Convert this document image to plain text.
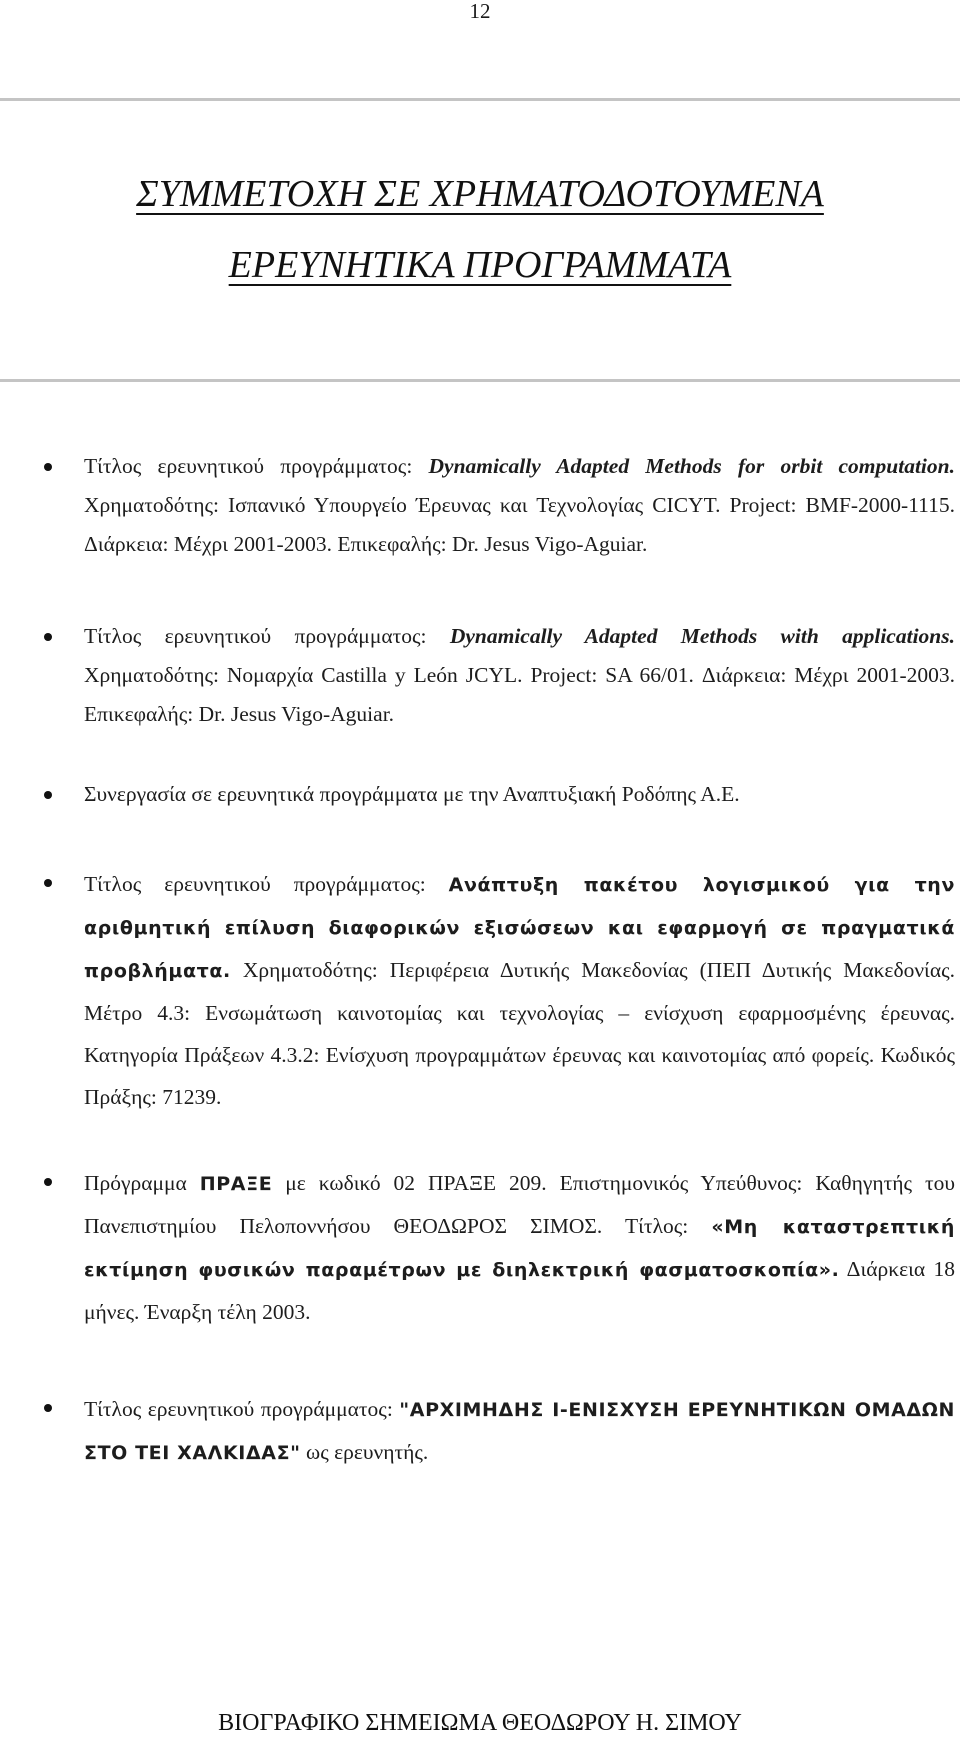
12
ΣΥΜΜΕΤΟΧΗ ΣΕ ΧΡΗΜΑΤΟΔΟΤΟΥΜΕΝΑ
ΕΡΕΥΝΗΤΙΚΑ ΠΡΟΓΡΑΜΜΑΤΑ
Τίτλος ερευνητικού προγράμματος: Dynamically Adapted Methods for orbit computation. Χρηματοδότης: Ισπανικό Υπουργείο Έρευνας και Τεχνολογίας CICYT. Project: BMF-2000-1115. Διάρκεια: Μέχρι 2001-2003. Επικεφαλής: Dr. Jesus Vigo-Aguiar.
Τίτλος ερευνητικού προγράμματος: Dynamically Adapted Methods with applications. Χρηματοδότης: Νομαρχία Castilla y León JCYL. Project: SA 66/01. Διάρκεια: Μέχρι 2001-2003. Επικεφαλής: Dr. Jesus Vigo-Aguiar.
Συνεργασία σε ερευνητικά προγράμματα με την Αναπτυξιακή Ροδόπης Α.Ε.
Τίτλος ερευνητικού προγράμματος: Ανάπτυξη πακέτου λογισμικού για την αριθμητική επίλυση διαφορικών εξισώσεων και εφαρμογή σε πραγματικά προβλήματα. Χρηματοδότης: Περιφέρεια Δυτικής Μακεδονίας (ΠΕΠ Δυτικής Μακεδονίας. Μέτρο 4.3: Ενσωμάτωση καινοτομίας και τεχνολογίας – ενίσχυση εφαρμοσμένης έρευνας. Κατηγορία Πράξεων 4.3.2: Ενίσχυση προγραμμάτων έρευνας και καινοτομίας από φορείς. Κωδικός Πράξης: 71239.
Πρόγραμμα ΠΡΑΞΕ με κωδικό 02 ΠΡΑΞΕ 209. Επιστημονικός Υπεύθυνος: Καθηγητής του Πανεπιστημίου Πελοποννήσου ΘΕΟΔΩΡΟΣ ΣΙΜΟΣ. Τίτλος: «Μη καταστρεπτική εκτίμηση φυσικών παραμέτρων με διηλεκτρική φασματοσκοπία». Διάρκεια 18 μήνες. Έναρξη τέλη 2003.
Τίτλος ερευνητικού προγράμματος: "ΑΡΧΙΜΗΔΗΣ Ι-ΕΝΙΣΧΥΣΗ ΕΡΕΥΝΗΤΙΚΩΝ ΟΜΑΔΩΝ ΣΤΟ ΤΕΙ ΧΑΛΚΙΔΑΣ" ως ερευνητής.
ΒΙΟΓΡΑΦΙΚΟ ΣΗΜΕΙΩΜΑ ΘΕΟΔΩΡΟΥ Η. ΣΙΜΟΥ
